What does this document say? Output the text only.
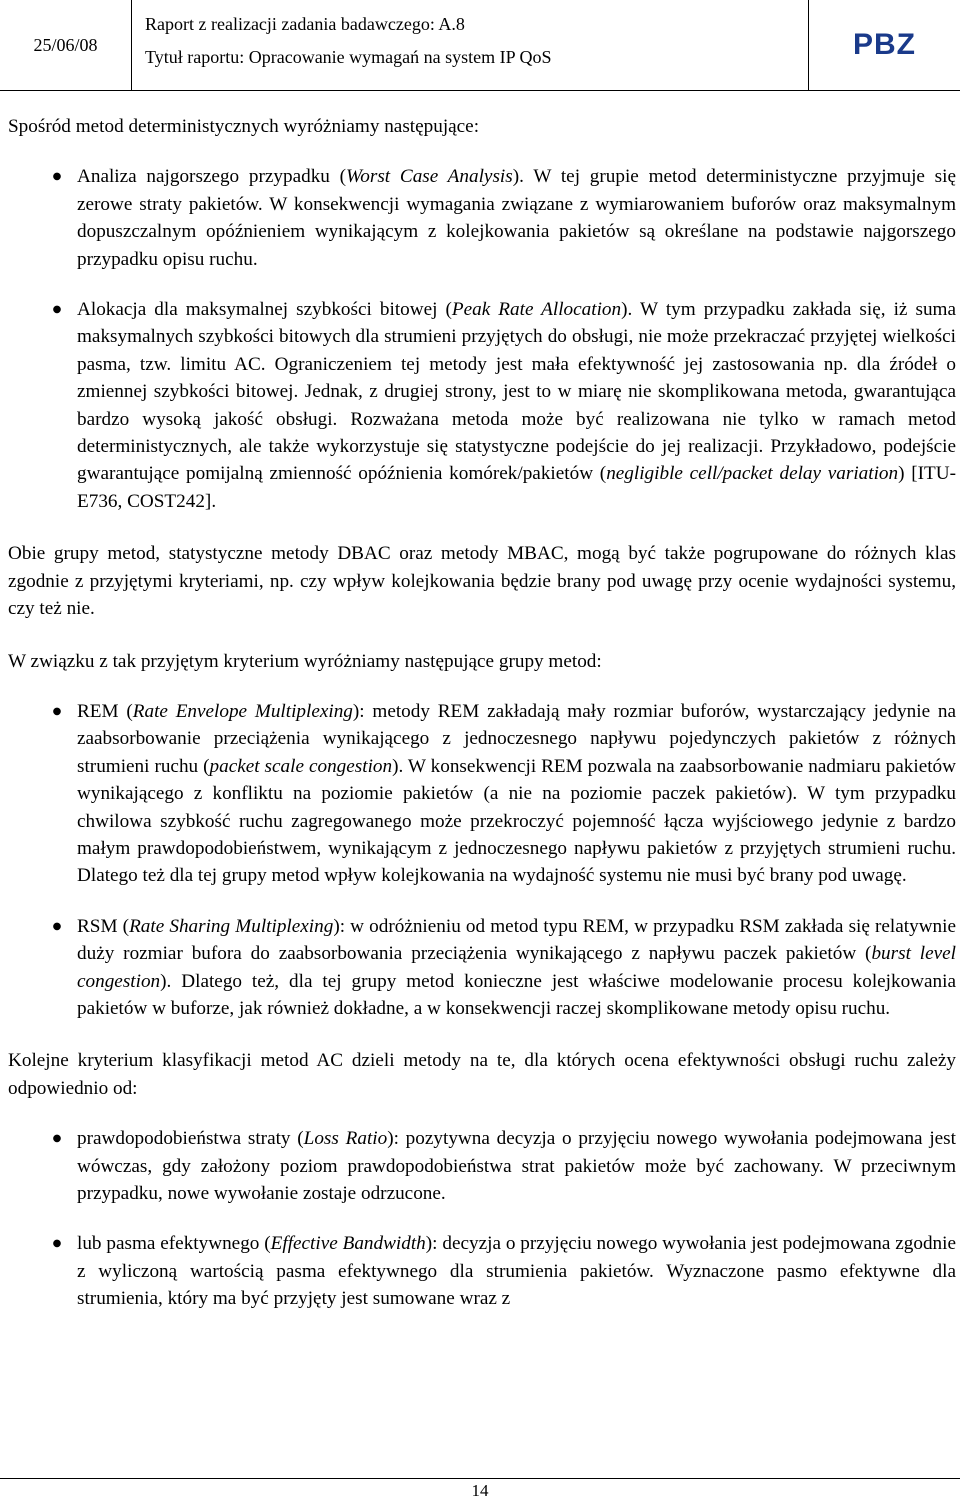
25/06/08
Raport z realizacji zadania badawczego: A.8
Tytuł raportu: Opracowanie wymagań na system IP QoS	PBZ

Spośród metod deterministycznych wyróżniamy następujące:

● Analiza najgorszego przypadku (Worst Case Analysis). W tej grupie metod deterministyczne przyjmuje się zerowe straty pakietów. W konsekwencji wymagania związane z wymiarowaniem buforów oraz maksymalnym dopuszczalnym opóźnieniem wynikającym z kolejkowania pakietów są określane na podstawie najgorszego przypadku opisu ruchu.
● Alokacja dla maksymalnej szybkości bitowej (Peak Rate Allocation). W tym przypadku zakłada się, iż suma maksymalnych szybkości bitowych dla strumieni przyjętych do obsługi, nie może przekraczać przyjętej wielkości pasma, tzw. limitu AC. Ograniczeniem tej metody jest mała efektywność jej zastosowania np. dla źródeł o zmiennej szybkości bitowej. Jednak, z drugiej strony, jest to w miarę nie skomplikowana metoda, gwarantująca bardzo wysoką jakość obsługi. Rozważana metoda może być realizowana nie tylko w ramach metod deterministycznych, ale także wykorzystuje się statystyczne podejście do jej realizacji. Przykładowo, podejście gwarantujące pomijalną zmienność opóźnienia komórek/pakietów (negligible cell/packet delay variation) [ITU-E736, COST242].

Obie grupy metod, statystyczne metody DBAC oraz metody MBAC, mogą być także pogrupowane do różnych klas zgodnie z przyjętymi kryteriami, np. czy wpływ kolejkowania będzie brany pod uwagę przy ocenie wydajności systemu, czy też nie.

W związku z tak przyjętym kryterium wyróżniamy następujące grupy metod:

● REM (Rate Envelope Multiplexing): metody REM zakładają mały rozmiar buforów, wystarczający jedynie na zaabsorbowanie przeciążenia wynikającego z jednoczesnego napływu pojedynczych pakietów z różnych strumieni ruchu (packet scale congestion). W konsekwencji REM pozwala na zaabsorbowanie nadmiaru pakietów wynikającego z konfliktu na poziomie pakietów (a nie na poziomie paczek pakietów). W tym przypadku chwilowa szybkość ruchu zagregowanego może przekroczyć pojemność łącza wyjściowego jedynie z bardzo małym prawdopodobieństwem, wynikającym z jednoczesnego napływu pakietów z przyjętych strumieni ruchu. Dlatego też dla tej grupy metod wpływ kolejkowania na wydajność systemu nie musi być brany pod uwagę.
● RSM (Rate Sharing Multiplexing): w odróżnieniu od metod typu REM, w przypadku RSM zakłada się relatywnie duży rozmiar bufora do zaabsorbowania przeciążenia wynikającego z napływu paczek pakietów (burst level congestion). Dlatego też, dla tej grupy metod konieczne jest właściwe modelowanie procesu kolejkowania pakietów w buforze, jak również dokładne, a w konsekwencji raczej skomplikowane metody opisu ruchu.

Kolejne kryterium klasyfikacji metod AC dzieli metody na te, dla których ocena efektywności obsługi ruchu zależy odpowiednio od:

● prawdopodobieństwa straty (Loss Ratio): pozytywna decyzja o przyjęciu nowego wywołania podejmowana jest wówczas, gdy założony poziom prawdopodobieństwa strat pakietów może być zachowany. W przeciwnym przypadku, nowe wywołanie zostaje odrzucone.
● lub pasma efektywnego (Effective Bandwidth): decyzja o przyjęciu nowego wywołania jest podejmowana zgodnie z wyliczoną wartością pasma efektywnego dla strumienia pakietów. Wyznaczone pasmo efektywne dla strumienia, który ma być przyjęty jest sumowane wraz z
14
